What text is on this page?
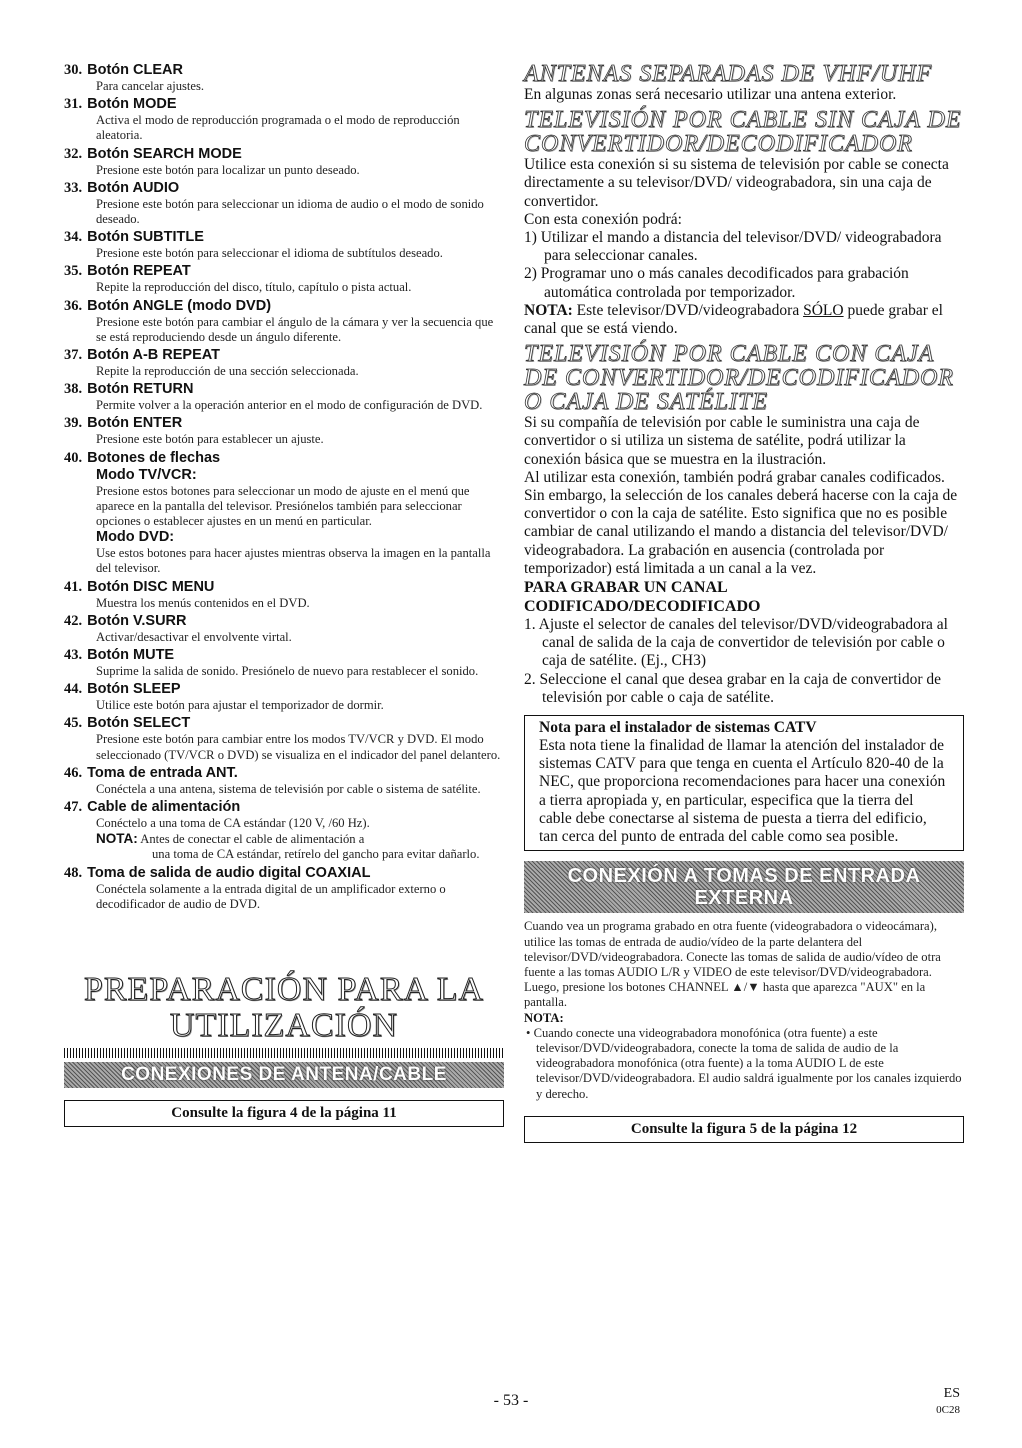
30. Botón CLEAR
Para cancelar ajustes.
31. Botón MODE
Activa el modo de reproducción programada o el modo de reproducción aleatoria.
32. Botón SEARCH MODE
Presione este botón para localizar un punto deseado.
33. Botón AUDIO
Presione este botón para seleccionar un idioma de audio o el modo de sonido deseado.
34. Botón SUBTITLE
Presione este botón para seleccionar el idioma de subtítulos deseado.
35. Botón REPEAT
Repite la reproducción del disco, título, capítulo o pista actual.
36. Botón ANGLE (modo DVD)
Presione este botón para cambiar el ángulo de la cámara y ver la secuencia que se está reproduciendo desde un ángulo diferente.
37. Botón A-B REPEAT
Repite la reproducción de una sección seleccionada.
38. Botón RETURN
Permite volver a la operación anterior en el modo de configuración de DVD.
39. Botón ENTER
Presione este botón para establecer un ajuste.
40. Botones de flechas
Modo TV/VCR:
Presione estos botones para seleccionar un modo de ajuste en el menú que aparece en la pantalla del televisor. Presiónelos también para seleccionar opciones o establecer ajustes en un menú en particular.
Modo DVD:
Use estos botones para hacer ajustes mientras observa la imagen en la pantalla del televisor.
41. Botón DISC MENU
Muestra los menús contenidos en el DVD.
42. Botón V.SURR
Activar/desactivar el envolvente virtal.
43. Botón MUTE
Suprime la salida de sonido. Presiónelo de nuevo para restablecer el sonido.
44. Botón SLEEP
Utilice este botón para ajustar el temporizador de dormir.
45. Botón SELECT
Presione este botón para cambiar entre los modos TV/VCR y DVD. El modo seleccionado (TV/VCR o DVD) se visualiza en el indicador del panel delantero.
46. Toma de entrada ANT.
Conéctela a una antena, sistema de televisión por cable o sistema de satélite.
47. Cable de alimentación
Conéctelo a una toma de CA estándar (120 V, /60 Hz).
NOTA: Antes de conectar el cable de alimentación a
una toma de CA estándar, retírelo del gancho para evitar dañarlo.
48. Toma de salida de audio digital COAXIAL
Conéctela solamente a la entrada digital de un amplificador externo o decodificador de audio de DVD.
PREPARACIÓN PARA LA
UTILIZACIÓN
CONEXIONES DE ANTENA/CABLE
Consulte la figura 4 de la página 11
ANTENAS SEPARADAS DE VHF/UHF
En algunas zonas será necesario utilizar una antena exterior.
TELEVISIÓN POR CABLE SIN CAJA DE CONVERTIDOR/DECODIFICADOR
Utilice esta conexión si su sistema de televisión por cable se conecta directamente a su televisor/DVD/ videograbadora, sin una caja de convertidor.
Con esta conexión podrá:
1) Utilizar el mando a distancia del televisor/DVD/ videograbadora para seleccionar canales.
2) Programar uno o más canales decodificados para grabación automática controlada por temporizador.
NOTA: Este televisor/DVD/videograbadora SÓLO puede grabar el canal que se está viendo.
TELEVISIÓN POR CABLE CON CAJA DE CONVERTIDOR/DECODIFICADOR O CAJA DE SATÉLITE
Si su compañía de televisión por cable le suministra una caja de convertidor o si utiliza un sistema de satélite, podrá utilizar la conexión básica que se muestra en la ilustración.
Al utilizar esta conexión, también podrá grabar canales codificados. Sin embargo, la selección de los canales deberá hacerse con la caja de convertidor o con la caja de satélite. Esto significa que no es posible cambiar de canal utilizando el mando a distancia del televisor/DVD/ videograbadora. La grabación en ausencia (controlada por temporizador) está limitada a un canal a la vez.
PARA GRABAR UN CANAL
CODIFICADO/DECODIFICADO
1. Ajuste el selector de canales del televisor/DVD/videograbadora al canal de salida de la caja de convertidor de televisión por cable o caja de satélite. (Ej., CH3)
2. Seleccione el canal que desea grabar en la caja de convertidor de televisión por cable o caja de satélite.
Nota para el instalador de sistemas CATV
Esta nota tiene la finalidad de llamar la atención del instalador de sistemas CATV para que tenga en cuenta el Artículo 820-40 de la NEC, que proporciona recomendaciones para hacer una conexión a tierra apropiada y, en particular, especifica que la tierra del cable debe conectarse al sistema de puesta a tierra del edificio, tan cerca del punto de entrada del cable como sea posible.
CONEXIÓN A TOMAS DE ENTRADA EXTERNA
Cuando vea un programa grabado en otra fuente (videograbadora o videocámara), utilice las tomas de entrada de audio/vídeo de la parte delantera del televisor/DVD/videograbadora. Conecte las tomas de salida de audio/vídeo de otra fuente a las tomas AUDIO L/R y VIDEO de este televisor/DVD/videograbadora. Luego, presione los botones CHANNEL ▲/▼ hasta que aparezca "AUX" en la pantalla.
NOTA:
• Cuando conecte una videograbadora monofónica (otra fuente) a este televisor/DVD/videograbadora, conecte la toma de salida de audio de la videograbadora monofónica (otra fuente) a la toma AUDIO L de este televisor/DVD/videograbadora. El audio saldrá igualmente por los canales izquierdo y derecho.
Consulte la figura 5 de la página 12
- 53 -	ES
0C28
